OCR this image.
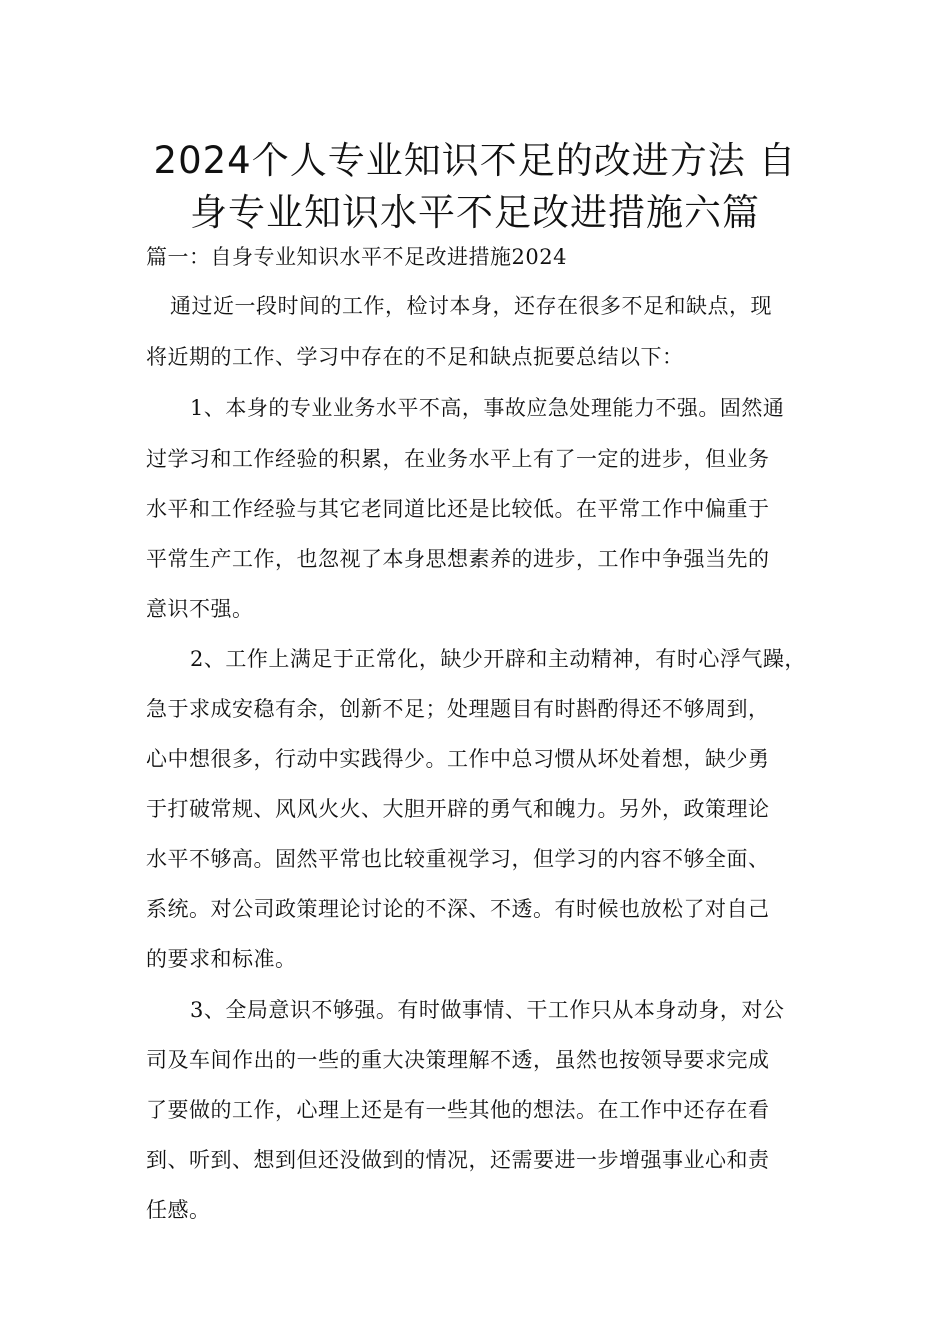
2024个人专业知识不足的改进方法 自
身专业知识水平不足改进措施六篇

篇一：自身专业知识水平不足改进措施2024

通过近一段时间的工作，检讨本身，还存在很多不足和缺点，现

将近期的工作、学习中存在的不足和缺点扼要总结以下：

1、本身的专业业务水平不高，事故应急处理能力不强。固然通

过学习和工作经验的积累，在业务水平上有了一定的进步，但业务

水平和工作经验与其它老同道比还是比较低。在平常工作中偏重于

平常生产工作，也忽视了本身思想素养的进步，工作中争强当先的

意识不强。

2、工作上满足于正常化，缺少开辟和主动精神，有时心浮气躁，

急于求成安稳有余，创新不足；处理题目有时斟酌得还不够周到，

心中想很多，行动中实践得少。工作中总习惯从坏处着想，缺少勇

于打破常规、风风火火、大胆开辟的勇气和魄力。另外，政策理论

水平不够高。固然平常也比较重视学习，但学习的内容不够全面、

系统。对公司政策理论讨论的不深、不透。有时候也放松了对自己

的要求和标准。

3、全局意识不够强。有时做事情、干工作只从本身动身，对公

司及车间作出的一些的重大决策理解不透，虽然也按领导要求完成

了要做的工作，心理上还是有一些其他的想法。在工作中还存在看

到、听到、想到但还没做到的情况，还需要进一步增强事业心和责

任感。
